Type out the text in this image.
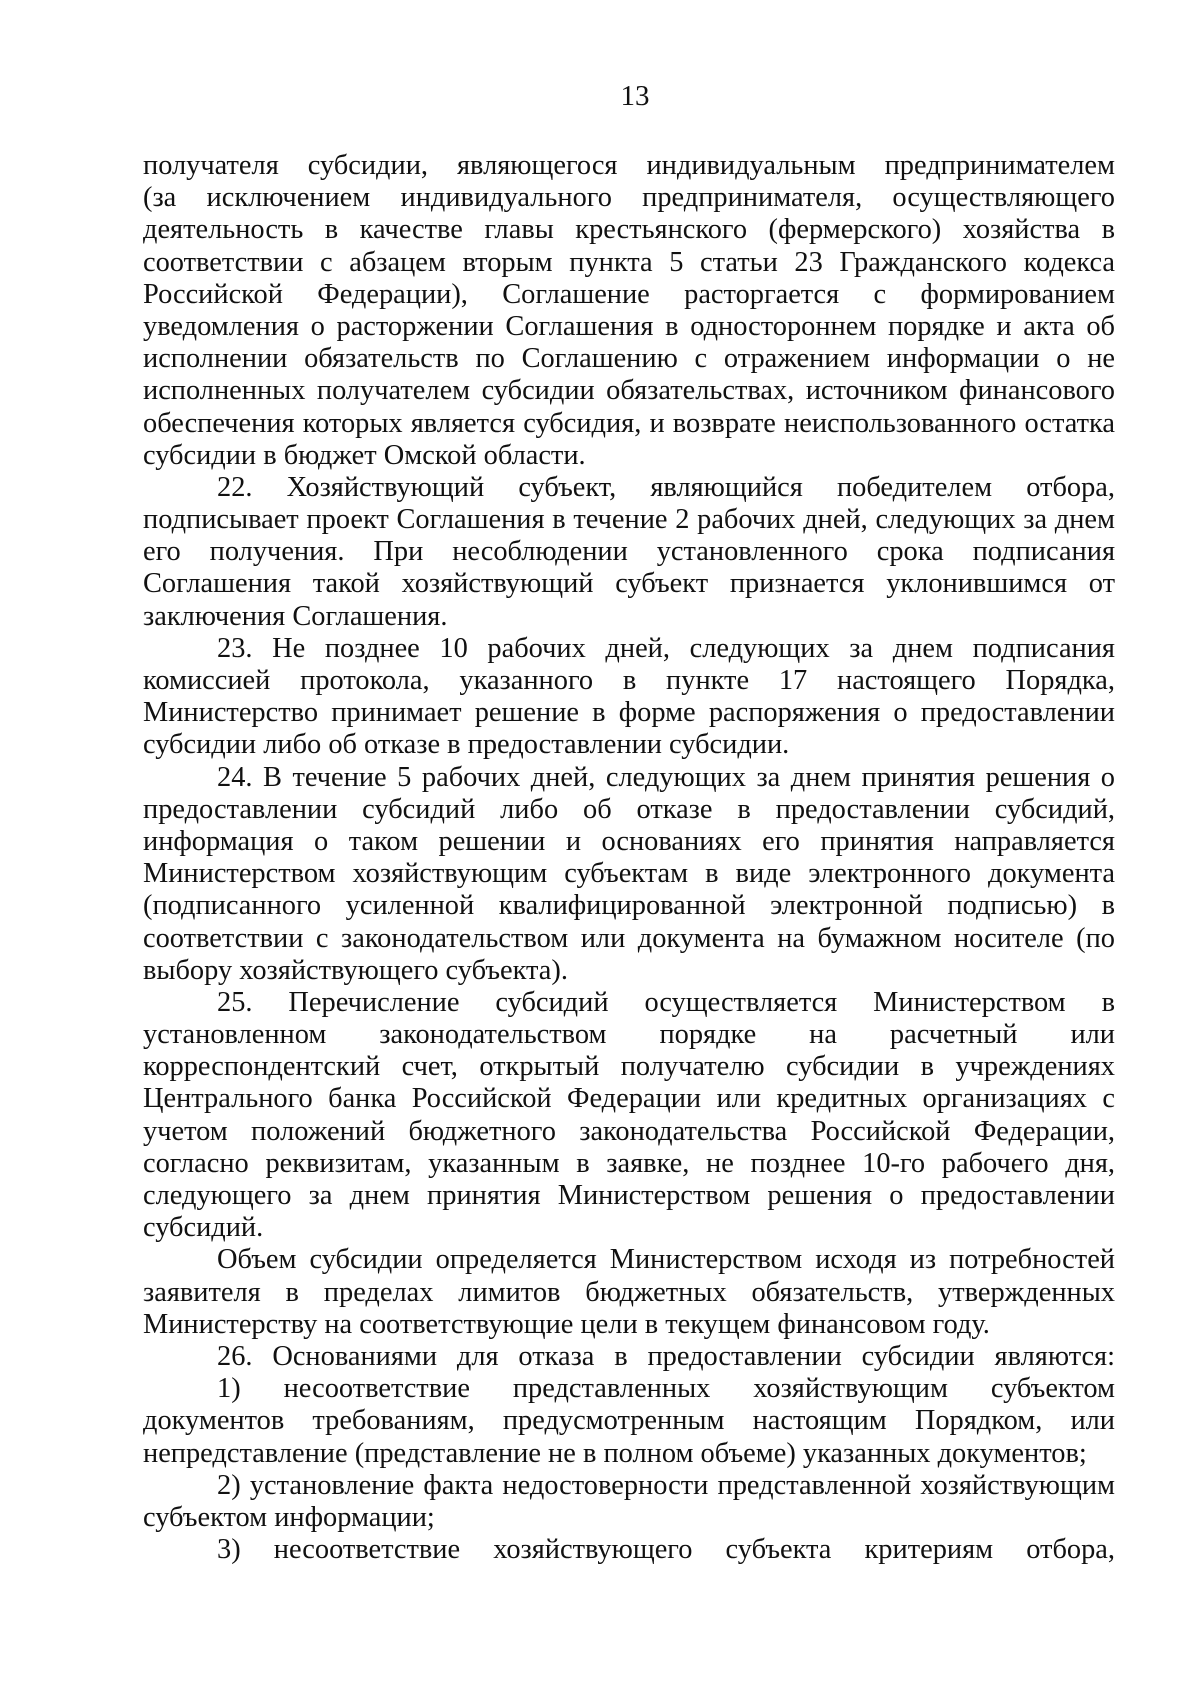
13
получателя субсидии, являющегося индивидуальным предпринимателем
(за исключением индивидуального предпринимателя, осуществляющего
деятельность в качестве главы крестьянского (фермерского) хозяйства в
соответствии с абзацем вторым пункта 5 статьи 23 Гражданского кодекса
Российской Федерации), Соглашение расторгается с формированием
уведомления о расторжении Соглашения в одностороннем порядке и акта об
исполнении обязательств по Соглашению с отражением информации о не
исполненных получателем субсидии обязательствах, источником финансового
обеспечения которых является субсидия, и возврате неиспользованного остатка
субсидии в бюджет Омской области.
22. Хозяйствующий субъект, являющийся победителем отбора,
подписывает проект Соглашения в течение 2 рабочих дней, следующих за днем
его получения. При несоблюдении установленного срока подписания
Соглашения такой хозяйствующий субъект признается уклонившимся от
заключения Соглашения.
23. Не позднее 10 рабочих дней, следующих за днем подписания
комиссией протокола, указанного в пункте 17 настоящего Порядка,
Министерство принимает решение в форме распоряжения о предоставлении
субсидии либо об отказе в предоставлении субсидии.
24. В течение 5 рабочих дней, следующих за днем принятия решения о
предоставлении субсидий либо об отказе в предоставлении субсидий,
информация о таком решении и основаниях его принятия направляется
Министерством хозяйствующим субъектам в виде электронного документа
(подписанного усиленной квалифицированной электронной подписью) в
соответствии с законодательством или документа на бумажном носителе (по
выбору хозяйствующего субъекта).
25. Перечисление субсидий осуществляется Министерством в
установленном законодательством порядке на расчетный или
корреспондентский счет, открытый получателю субсидии в учреждениях
Центрального банка Российской Федерации или кредитных организациях с
учетом положений бюджетного законодательства Российской Федерации,
согласно реквизитам, указанным в заявке, не позднее 10-го рабочего дня,
следующего за днем принятия Министерством решения о предоставлении
субсидий.
Объем субсидии определяется Министерством исходя из потребностей
заявителя в пределах лимитов бюджетных обязательств, утвержденных
Министерству на соответствующие цели в текущем финансовом году.
26. Основаниями для отказа в предоставлении субсидии являются:
1) несоответствие представленных хозяйствующим субъектом
документов требованиям, предусмотренным настоящим Порядком, или
непредставление (представление не в полном объеме) указанных документов;
2) установление факта недостоверности представленной хозяйствующим
субъектом информации;
3) несоответствие хозяйствующего субъекта критериям отбора,
